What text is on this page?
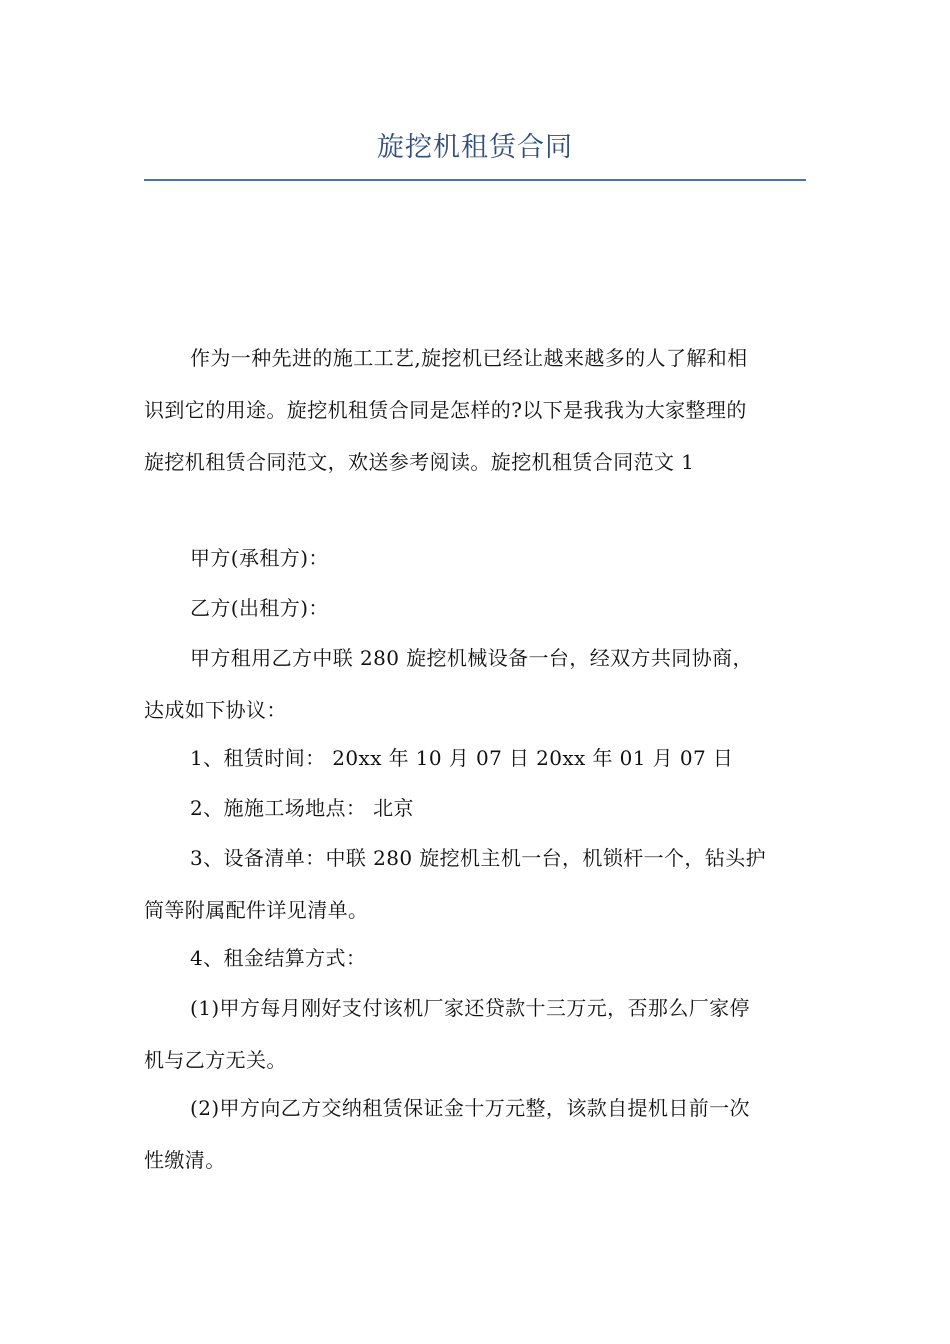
旋挖机租赁合同
作为一种先进的施工工艺,旋挖机已经让越来越多的人了解和相
识到它的用途。旋挖机租赁合同是怎样的?以下是我我为大家整理的
旋挖机租赁合同范文，欢送参考阅读。旋挖机租赁合同范文 1
甲方(承租方)：
乙方(出租方)：
甲方租用乙方中联 280 旋挖机械设备一台，经双方共同协商，
达成如下协议：
1、租赁时间： 20xx 年 10 月 07 日 20xx 年 01 月 07 日
2、施施工场地点： 北京
3、设备清单：中联 280 旋挖机主机一台，机锁杆一个，钻头护
筒等附属配件详见清单。
4、租金结算方式：
(1)甲方每月刚好支付该机厂家还贷款十三万元，否那么厂家停
机与乙方无关。
(2)甲方向乙方交纳租赁保证金十万元整，该款自提机日前一次
性缴清。
